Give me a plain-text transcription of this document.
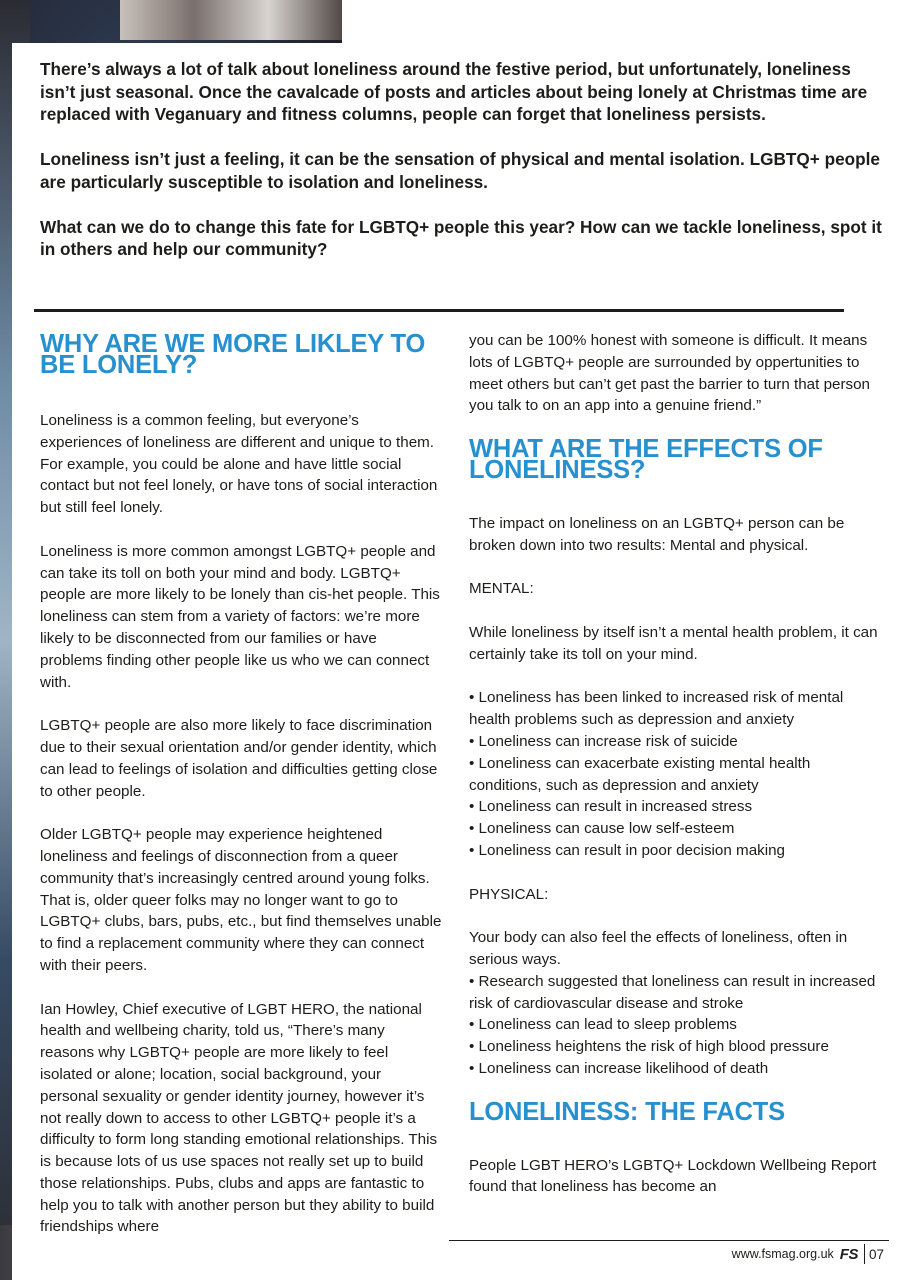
There’s always a lot of talk about loneliness around the festive period, but unfortunately, loneliness isn’t just seasonal. Once the cavalcade of posts and articles about being lonely at Christmas time are replaced with Veganuary and fitness columns, people can forget that loneliness persists.

Loneliness isn’t just a feeling, it can be the sensation of physical and mental isolation. LGBTQ+ people are particularly susceptible to isolation and loneliness.

What can we do to change this fate for LGBTQ+ people this year? How can we tackle loneliness, spot it in others and help our community?

WHY ARE WE MORE LIKLEY TO BE LONELY?

Loneliness is a common feeling, but everyone’s experiences of loneliness are different and unique to them. For example, you could be alone and have little social contact but not feel lonely, or have tons of social interaction but still feel lonely.

Loneliness is more common amongst LGBTQ+ people and can take its toll on both your mind and body. LGBTQ+ people are more likely to be lonely than cis-het people. This loneliness can stem from a variety of factors: we’re more likely to be disconnected from our families or have problems finding other people like us who we can connect with.

LGBTQ+ people are also more likely to face discrimination due to their sexual orientation and/or gender identity, which can lead to feelings of isolation and difficulties getting close to other people.

Older LGBTQ+ people may experience heightened loneliness and feelings of disconnection from a queer community that’s increasingly centred around young folks. That is, older queer folks may no longer want to go to LGBTQ+ clubs, bars, pubs, etc., but find themselves unable to find a replacement community where they can connect with their peers.

Ian Howley, Chief executive of LGBT HERO, the national health and wellbeing charity, told us, “There’s many reasons why LGBTQ+ people are more likely to feel isolated or alone; location, social background, your personal sexuality or gender identity journey, however it’s not really down to access to other LGBTQ+ people it’s a difficulty to form long standing emotional relationships. This is because lots of us use spaces not really set up to build those relationships. Pubs, clubs and apps are fantastic to help you to talk with another person but they ability to build friendships where

you can be 100% honest with someone is difficult. It means lots of LGBTQ+ people are surrounded by oppertunities to meet others but can’t get past the barrier to turn that person you talk to on an app into a genuine friend.”

WHAT ARE THE EFFECTS OF LONELINESS?

The impact on loneliness on an LGBTQ+ person can be broken down into two results: Mental and physical.

MENTAL:

While loneliness by itself isn’t a mental health problem, it can certainly take its toll on your mind.

• Loneliness has been linked to increased risk of mental health problems such as depression and anxiety
• Loneliness can increase risk of suicide
• Loneliness can exacerbate existing mental health conditions, such as depression and anxiety
• Loneliness can result in increased stress
• Loneliness can cause low self-esteem
• Loneliness can result in poor decision making

PHYSICAL:

Your body can also feel the effects of loneliness, often in serious ways.

• Research suggested that loneliness can result in increased risk of cardiovascular disease and stroke
• Loneliness can lead to sleep problems
• Loneliness heightens the risk of high blood pressure
• Loneliness can increase likelihood of death
LONELINESS: THE FACTS

People LGBT HERO’s LGBTQ+ Lockdown Wellbeing Report found that loneliness has become an

www.fsmag.org.uk FS 07
